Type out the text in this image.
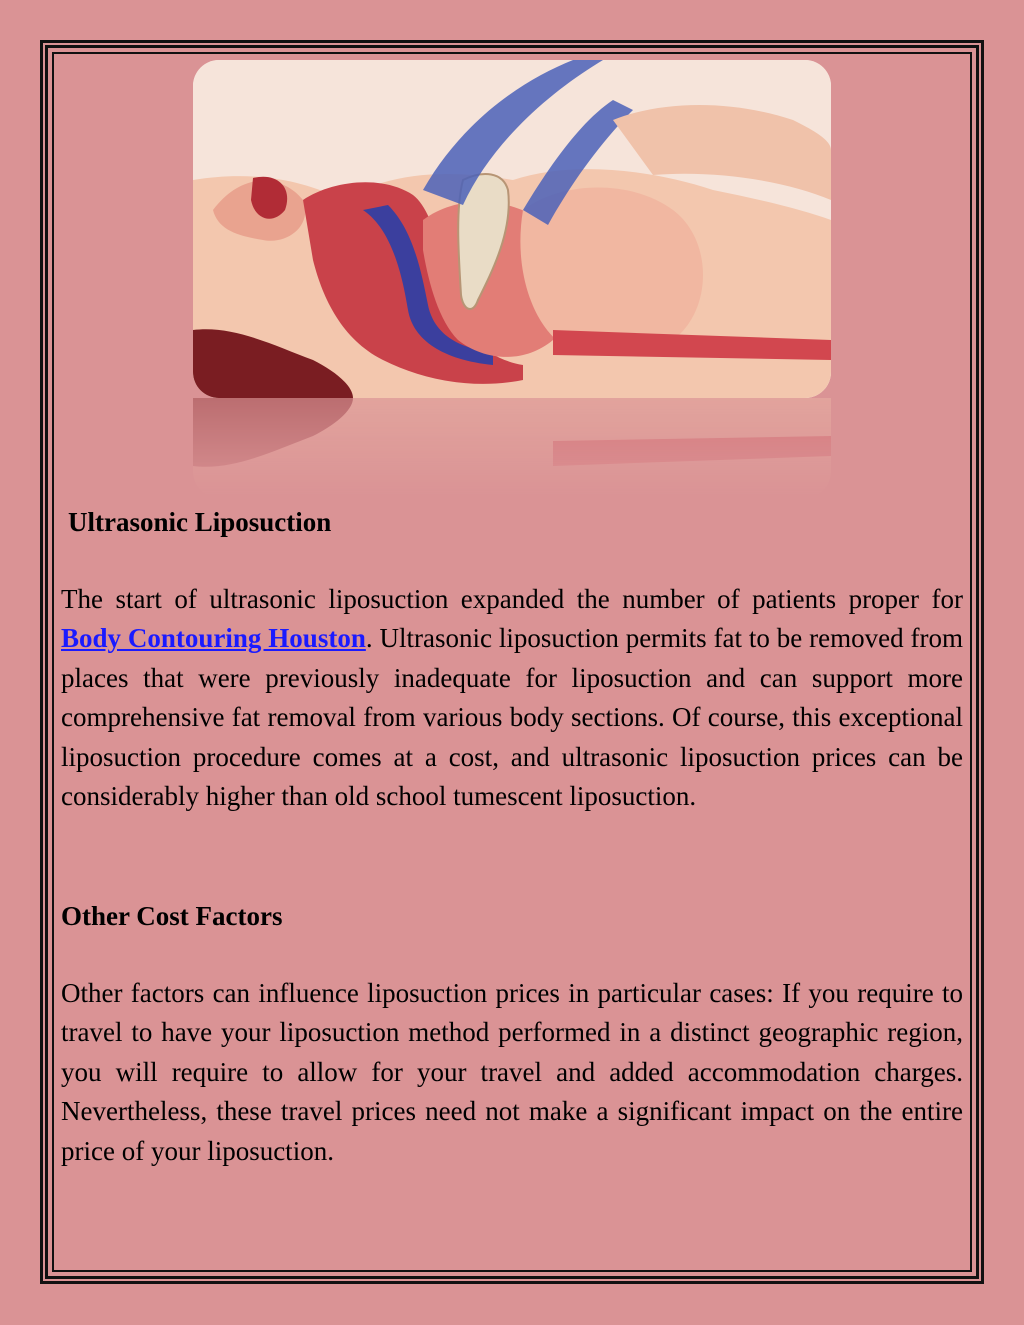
Ultrasonic Liposuction

The start of ultrasonic liposuction expanded the number of patients proper for Body Contouring Houston. Ultrasonic liposuction permits fat to be removed from places that were previously inadequate for liposuction and can support more comprehensive fat removal from various body sections. Of course, this exceptional liposuction procedure comes at a cost, and ultrasonic liposuction prices can be considerably higher than old school tumescent liposuction.

Other Cost Factors

Other factors can influence liposuction prices in particular cases: If you require to travel to have your liposuction method performed in a distinct geographic region, you will require to allow for your travel and added accommodation charges. Nevertheless, these travel prices need not make a significant impact on the entire price of your liposuction.
